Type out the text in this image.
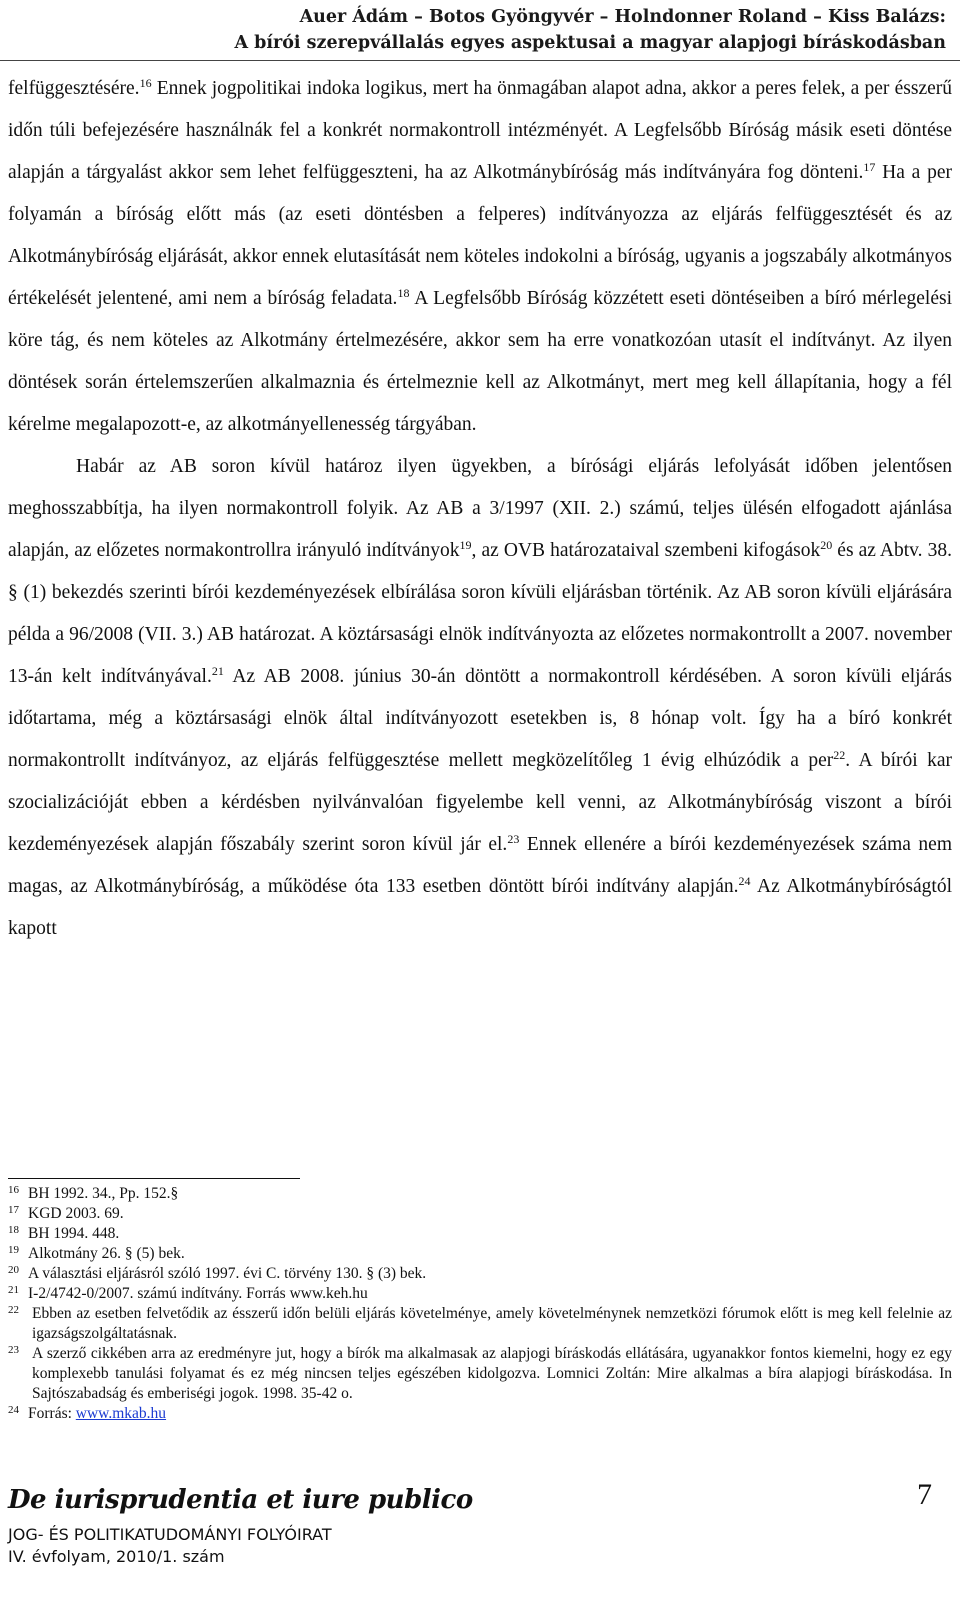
Auer Ádám – Botos Gyöngyvér – Holndonner Roland – Kiss Balázs:
A bírói szerepvállalás egyes aspektusai a magyar alapjogi bíráskodásban

felfüggesztésére.$^{16}$ Ennek jogpolitikai indoka logikus, mert ha önmagában alapot adna, akkor a peres felek, a per ésszerű időn túli befejezésére használnák fel a konkrét normakontroll intézményét. A Legfelsőbb Bíróság másik eseti döntése alapján a tárgyalást akkor sem lehet felfüggeszteni, ha az Alkotmánybíróság más indítványára fog dönteni.$^{17}$ Ha a per folyamán a bíróság előtt más (az eseti döntésben a felperes) indítványozza az eljárás felfüggesztését és az Alkotmánybíróság eljárását, akkor ennek elutasítását nem köteles indokolni a bíróság, ugyanis a jogszabály alkotmányos értékelését jelentené, ami nem a bíróság feladata.$^{18}$ A Legfelsőbb Bíróság közzétett eseti döntéseiben a bíró mérlegelési köre tág, és nem köteles az Alkotmány értelmezésére, akkor sem ha erre vonatkozóan utasít el indítványt. Az ilyen döntések során értelemszerűen alkalmaznia és értelmeznie kell az Alkotmányt, mert meg kell állapítania, hogy a fél kérelme megalapozott-e, az alkotmányellenesség tárgyában.

Habár az AB soron kívül határoz ilyen ügyekben, a bírósági eljárás lefolyását időben jelentősen meghosszabbítja, ha ilyen normakontroll folyik. Az AB a 3/1997 (XII. 2.) számú, teljes ülésén elfogadott ajánlása alapján, az előzetes normakontrollra irányuló indítványok$^{19}$, az OVB határozataival szembeni kifogások$^{20}$ és az Abtv. 38. § (1) bekezdés szerinti bírói kezdeményezések elbírálása soron kívüli eljárásban történik. Az AB soron kívüli eljárására példa a 96/2008 (VII. 3.) AB határozat. A köztársasági elnök indítványozta az előzetes normakontrollt a 2007. november 13-án kelt indítványával.$^{21}$ Az AB 2008. június 30-án döntött a normakontroll kérdésében. A soron kívüli eljárás időtartama, még a köztársasági elnök által indítványozott esetekben is, 8 hónap volt. Így ha a bíró konkrét normakontrollt indítványoz, az eljárás felfüggesztése mellett megközelítőleg 1 évig elhúzódik a per$^{22}$. A bírói kar szocializációját ebben a kérdésben nyilvánvalóan figyelembe kell venni, az Alkotmánybíróság viszont a bírói kezdeményezések alapján főszabály szerint soron kívül jár el.$^{23}$ Ennek ellenére a bírói kezdeményezések száma nem magas, az Alkotmánybíróság, a működése óta 133 esetben döntött bírói indítvány alapján.$^{24}$ Az Alkotmánybíróságtól kapott

$^{16}$ BH 1992. 34., Pp. 152.§
$^{17}$ KGD 2003. 69.
$^{18}$ BH 1994. 448.
$^{19}$ Alkotmány 26. § (5) bek.
$^{20}$ A választási eljárásról szóló 1997. évi C. törvény 130. § (3) bek.
$^{21}$ I-2/4742-0/2007. számú indítvány. Forrás www.keh.hu
$^{22}$ Ebben az esetben felvetődik az ésszerű időn belüli eljárás követelménye, amely követelménynek nemzetközi fórumok előtt is meg kell felelnie az igazságszolgáltatásnak.
$^{23}$ A szerző cikkében arra az eredményre jut, hogy a bírók ma alkalmasak az alapjogi bíráskodás ellátására, ugyanakkor fontos kiemelni, hogy ez egy komplexebb tanulási folyamat és ez még nincsen teljes egészében kidolgozva. Lomnici Zoltán: Mire alkalmas a bíra alapjogi bíráskodása. In Sajtószabadság és emberiségi jogok. 1998. 35-42 o.
$^{24}$ Forrás: www.mkab.hu
De iurisprudentia et iure publico	7
JOG- ÉS POLITIKATUDOMÁNYI FOLYÓIRAT
IV. évfolyam, 2010/1. szám
